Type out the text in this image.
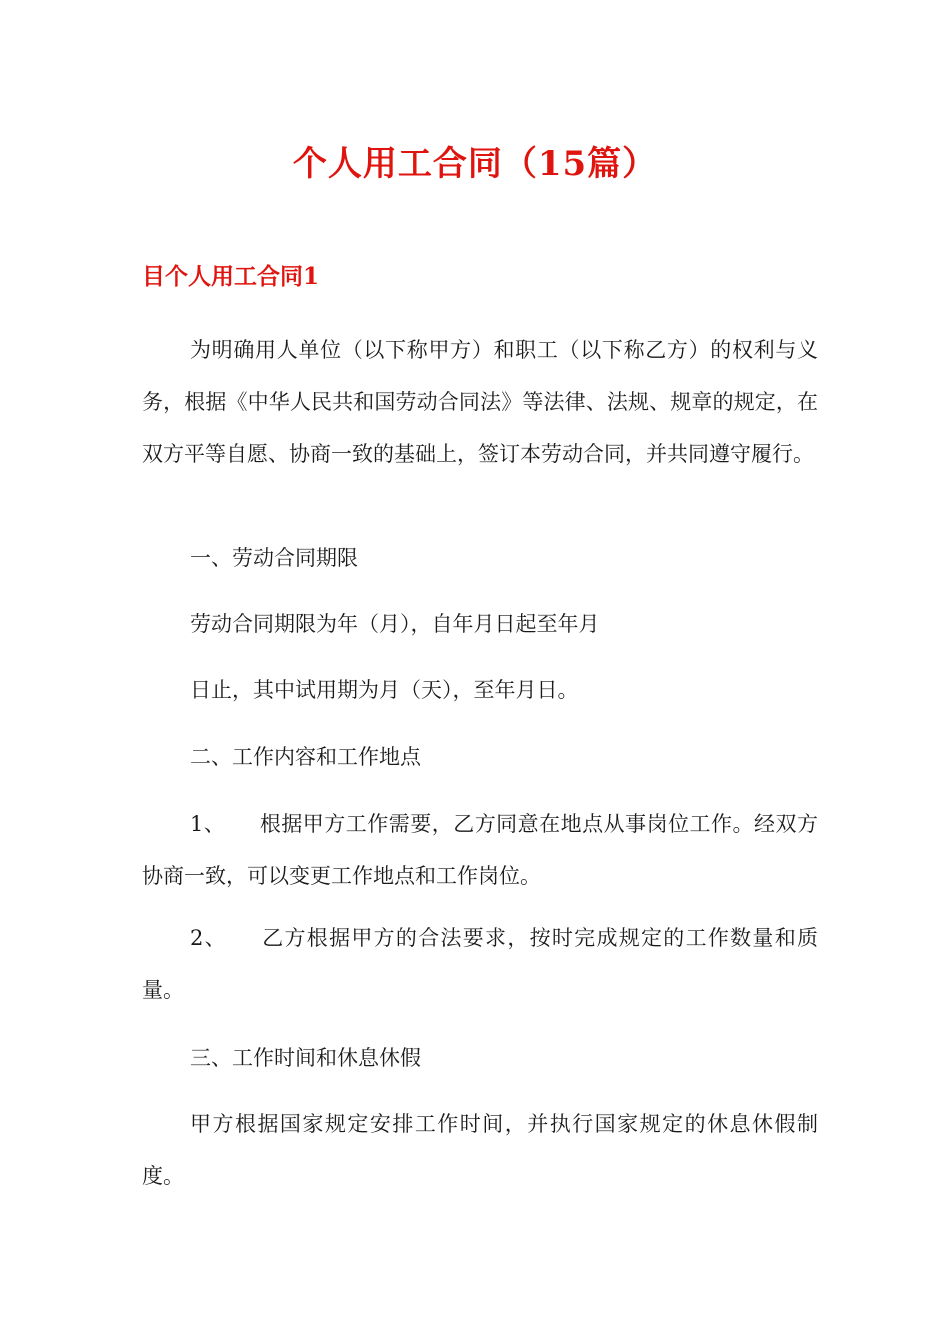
个人用工合同（15篇）
目个人用工合同1

为明确用人单位（以下称甲方）和职工（以下称乙方）的权利与义务，根据《中华人民共和国劳动合同法》等法律、法规、规章的规定，在双方平等自愿、协商一致的基础上，签订本劳动合同，并共同遵守履行。

一、劳动合同期限

劳动合同期限为年（月），自年月日起至年月

日止，其中试用期为月（天），至年月日。

二、工作内容和工作地点

1、 根据甲方工作需要，乙方同意在地点从事岗位工作。经双方协商一致，可以变更工作地点和工作岗位。

2、 乙方根据甲方的合法要求，按时完成规定的工作数量和质量。

三、工作时间和休息休假

甲方根据国家规定安排工作时间，并执行国家规定的休息休假制度。
